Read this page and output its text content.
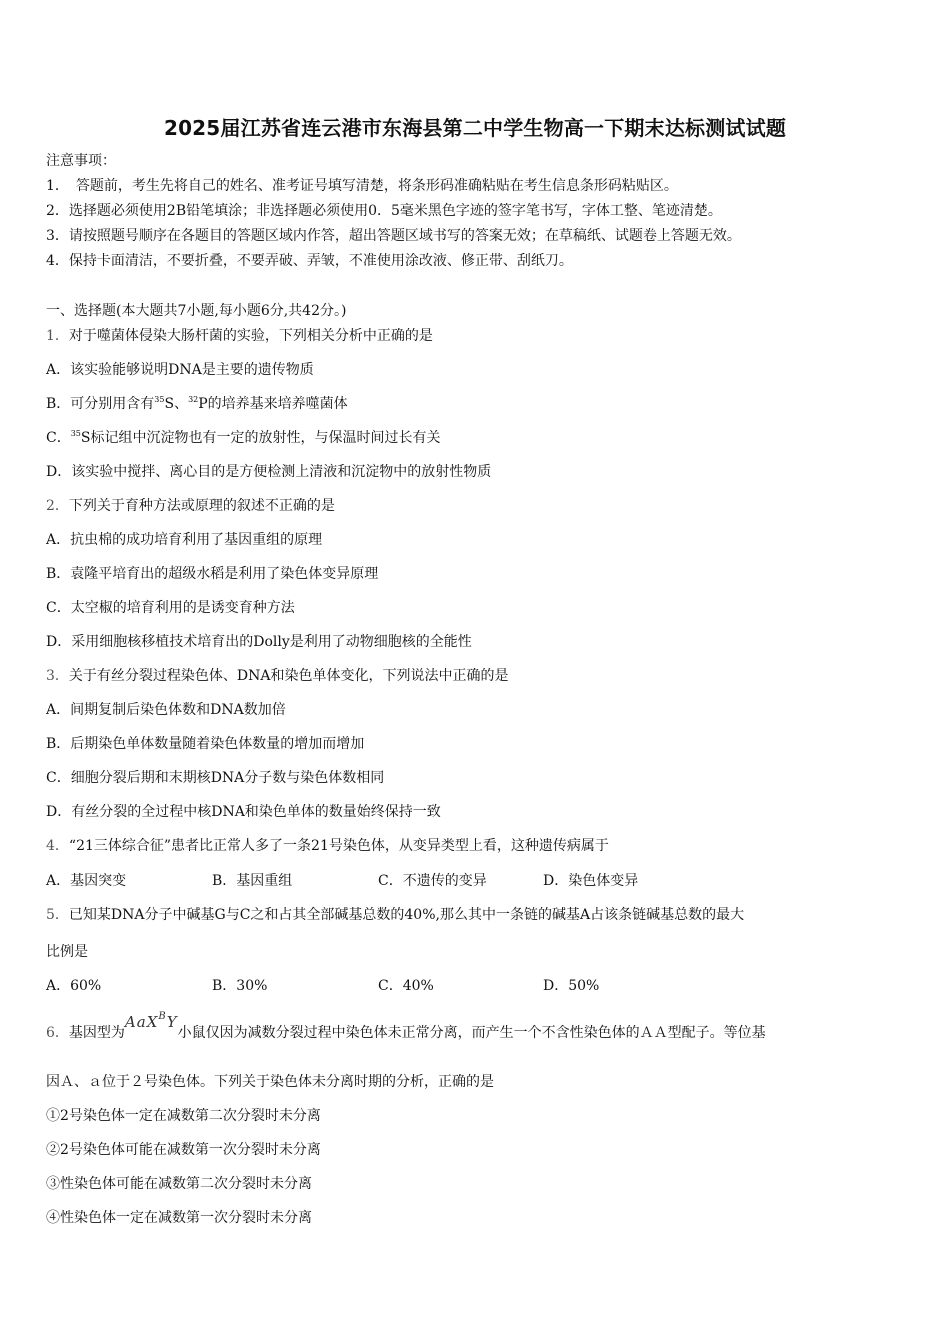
2025届江苏省连云港市东海县第二中学生物高一下期末达标测试试题
注意事项：
1．　答题前，考生先将自己的姓名、准考证号填写清楚，将条形码准确粘贴在考生信息条形码粘贴区。
2．选择题必须使用2B铅笔填涂；非选择题必须使用0．5毫米黑色字迹的签字笔书写，字体工整、笔迹清楚。
3．请按照题号顺序在各题目的答题区域内作答，超出答题区域书写的答案无效；在草稿纸、试题卷上答题无效。
4．保持卡面清洁，不要折叠，不要弄破、弄皱，不准使用涂改液、修正带、刮纸刀。
一、选择题(本大题共7小题,每小题6分,共42分。)
1．对于噬菌体侵染大肠杆菌的实验，下列相关分析中正确的是
A．该实验能够说明DNA是主要的遗传物质
B．可分别用含有$^{35}$S、$^{32}$P的培养基来培养噬菌体
C．$^{35}$S标记组中沉淀物也有一定的放射性，与保温时间过长有关
D．该实验中搅拌、离心目的是方便检测上清液和沉淀物中的放射性物质
2．下列关于育种方法或原理的叙述不正确的是
A．抗虫棉的成功培育利用了基因重组的原理
B．袁隆平培育出的超级水稻是利用了染色体变异原理
C．太空椒的培育利用的是诱变育种方法
D．采用细胞核移植技术培育出的Dolly是利用了动物细胞核的全能性
3．关于有丝分裂过程染色体、DNA和染色单体变化，下列说法中正确的是
A．间期复制后染色体数和DNA数加倍
B．后期染色单体数量随着染色体数量的增加而增加
C．细胞分裂后期和末期核DNA分子数与染色体数相同
D．有丝分裂的全过程中核DNA和染色单体的数量始终保持一致
4．“21三体综合征”患者比正常人多了一条21号染色体，从变异类型上看，这种遗传病属于
A．基因突变	B．基因重组	C．不遗传的变异	D．染色体变异
5．已知某DNA分子中碱基G与C之和占其全部碱基总数的40%,那么其中一条链的碱基A占该条链碱基总数的最大
比例是
A．60%	B．30%	C．40%	D．50%
6．基因型为AaX$^B$Y小鼠仅因为减数分裂过程中染色体未正常分离，而产生一个不含性染色体的ＡＡ型配子。等位基
因Ａ、ａ位于２号染色体。下列关于染色体未分离时期的分析，正确的是
①2号染色体一定在减数第二次分裂时未分离
②2号染色体可能在减数第一次分裂时未分离
③性染色体可能在减数第二次分裂时未分离
④性染色体一定在减数第一次分裂时未分离
